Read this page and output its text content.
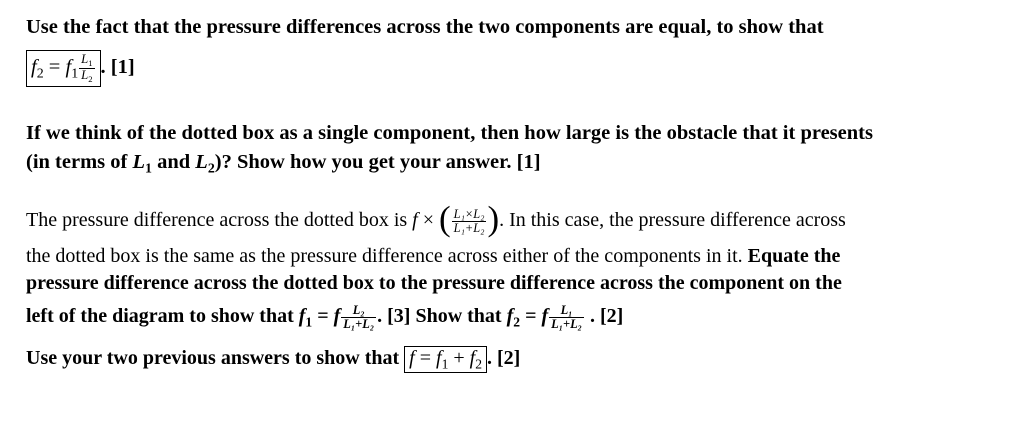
Use the fact that the pressure differences across the two components are equal, to show that
$f_2 = f_1 \frac{L_1}{L_2}$ . [1]
If we think of the dotted box as a single component, then how large is the obstacle that it presents
(in terms of $L_1$ and $L_2$)? Show how you get your answer. [1]
The pressure difference across the dotted box is f × ( $\frac{\text{L₁×L₂}}{\text{L₁+L₂}}$ ). In this case, the pressure difference across
the dotted box is the same as the pressure difference across either of the components in it. Equate the
pressure difference across the dotted box to the pressure difference across the component on the
left of the diagram to show that $f_1 = f \frac{\text{L₂}}{\text{L₁+L₂}}$ . [3] Show that $f_2 = f \frac{\text{L₁}}{\text{L₁+L₂}}$ . [2]
Use your two previous answers to show that $f = f_1 + f_2$ . [2]
